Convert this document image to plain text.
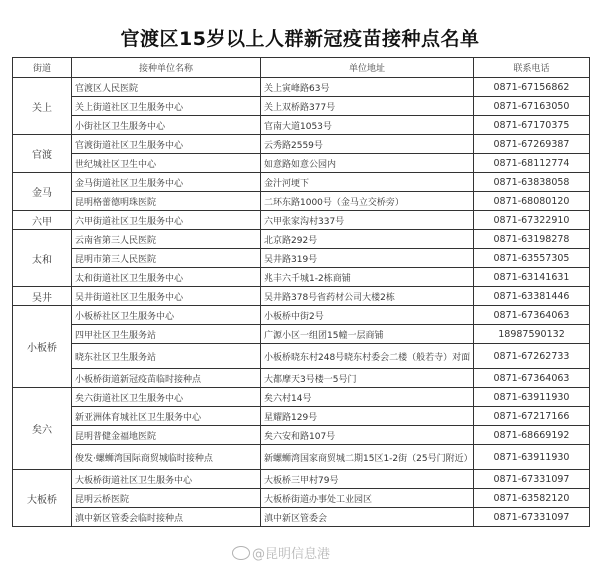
官渡区15岁以上人群新冠疫苗接种点名单
街道	接种单位名称	单位地址	联系电话
关上	官渡区人民医院	关上寅峰路63号	0871-67156862
	关上街道社区卫生服务中心	关上双桥路377号	0871-67163050
	小街社区卫生服务中心	官南大道1053号	0871-67170375
官渡	官渡街道社区卫生服务中心	云秀路2559号	0871-67269387
	世纪城社区卫生中心	如意路如意公园内	0871-68112774
金马	金马街道社区卫生服务中心	金汁河埂下	0871-63838058
	昆明格蕾德明珠医院	二环东路1000号（金马立交桥旁）	0871-68080120
六甲	六甲街道社区卫生服务中心	六甲张家沟村337号	0871-67322910
太和	云南省第三人民医院	北京路292号	0871-63198278
	昆明市第三人民医院	吴井路319号	0871-63557305
	太和街道社区卫生服务中心	兆丰六千城1-2栋商铺	0871-63141631
吴井	吴井街道社区卫生服务中心	吴井路378号省药材公司大楼2栋	0871-63381446
小板桥	小板桥社区卫生服务中心	小板桥中街2号	0871-67364063
	四甲社区卫生服务站	广源小区一组团15幢一层商铺	18987590132
	晓东社区卫生服务站	小板桥晓东村248号晓东村委会二楼（般若寺）对面	0871-67262733
	小板桥街道新冠疫苗临时接种点	大都摩天3号楼一5号门	0871-67364063
矣六	矣六街道社区卫生服务中心	矣六村14号	0871-63911930
	新亚洲体育城社区卫生服务中心	星耀路129号	0871-67217166
	昆明普健金福地医院	矣六安和路107号	0871-68669192
	俊发·螺蛳湾国际商贸城临时接种点	新螺蛳湾国家商贸城二期15区1-2街（25号门附近）	0871-63911930
大板桥	大板桥街道社区卫生服务中心	大板桥三甲村79号	0871-67331097
	昆明云桥医院	大板桥街道办事处工业园区	0871-63582120
	滇中新区管委会临时接种点	滇中新区管委会	0871-67331097
@昆明信息港
